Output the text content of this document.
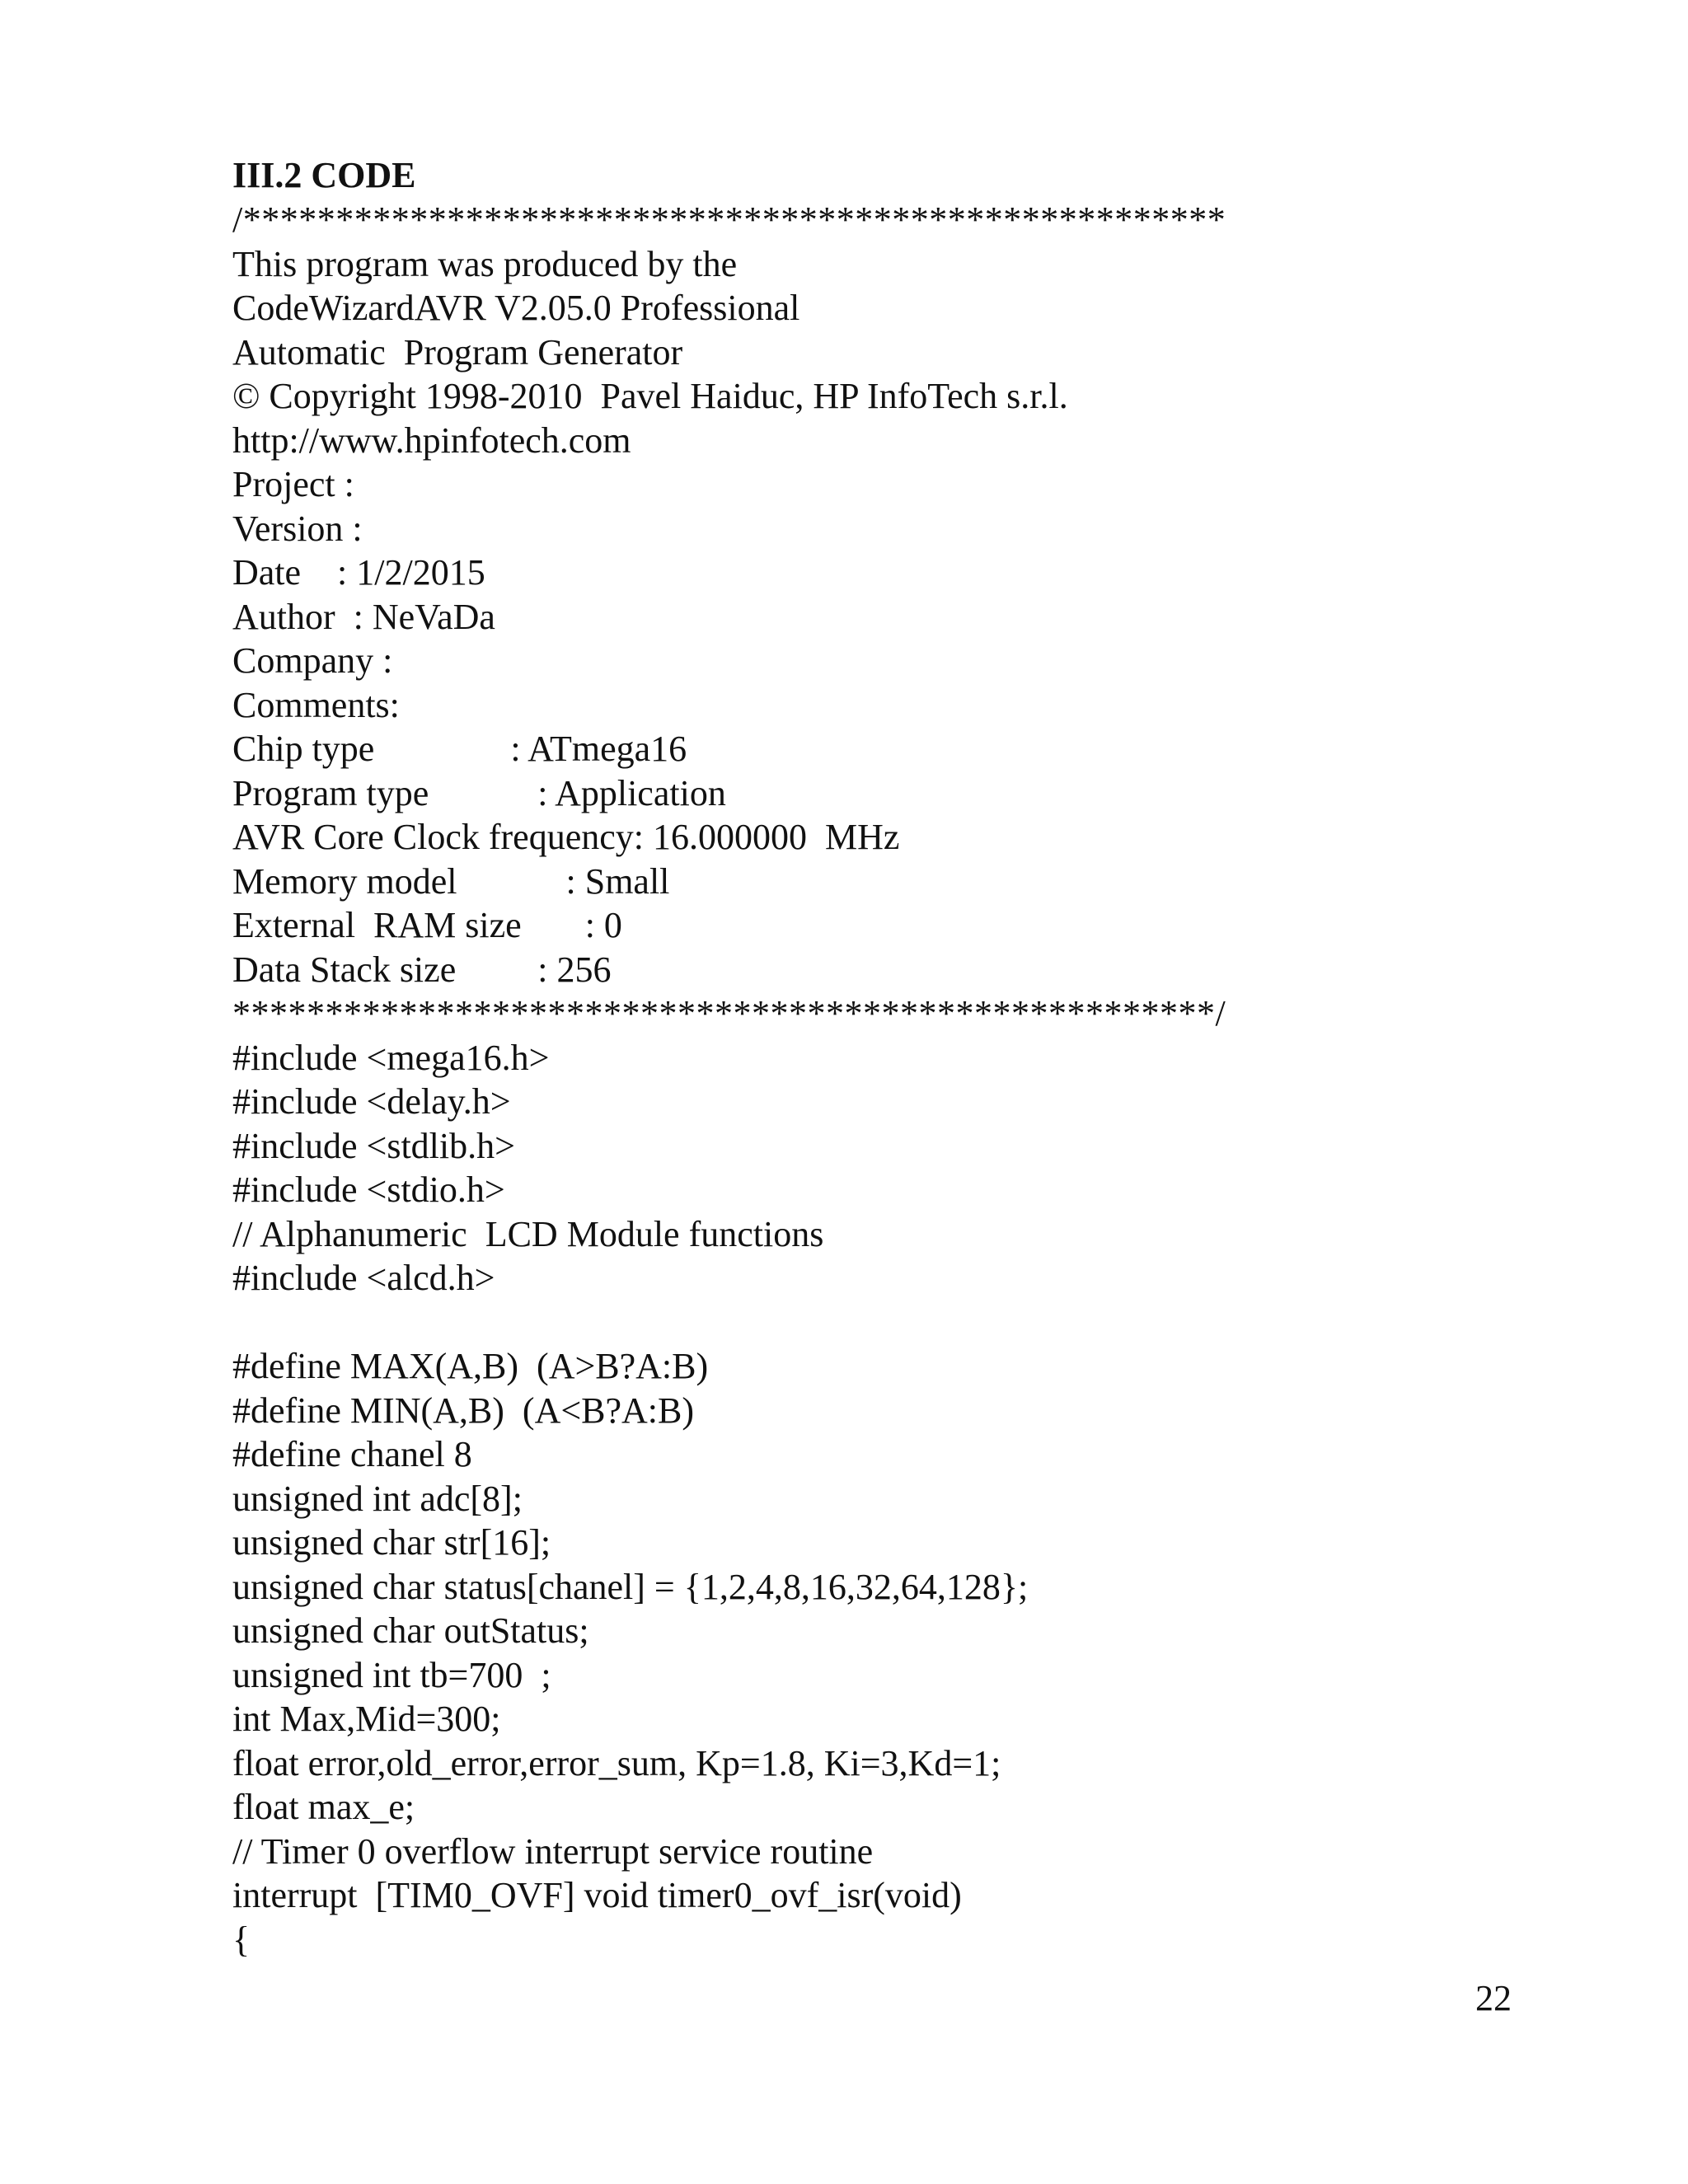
III.2 CODE
/*****************************************************
This program was produced by the
CodeWizardAVR V2.05.0 Professional
Automatic  Program Generator
© Copyright 1998-2010  Pavel Haiduc, HP InfoTech s.r.l.
http://www.hpinfotech.com
Project :
Version :
Date    : 1/2/2015
Author  : NeVaDa
Company :
Comments:
Chip type               : ATmega16
Program type            : Application
AVR Core Clock frequency: 16.000000  MHz
Memory model            : Small
External  RAM size       : 0
Data Stack size         : 256
*****************************************************/
#include <mega16.h>
#include <delay.h>
#include <stdlib.h>
#include <stdio.h>
// Alphanumeric  LCD Module functions
#include <alcd.h>
#define MAX(A,B)  (A>B?A:B)
#define MIN(A,B)  (A<B?A:B)
#define chanel 8
unsigned int adc[8];
unsigned char str[16];
unsigned char status[chanel] = {1,2,4,8,16,32,64,128};
unsigned char outStatus;
unsigned int tb=700  ;
int Max,Mid=300;
float error,old_error,error_sum, Kp=1.8, Ki=3,Kd=1;
float max_e;
// Timer 0 overflow interrupt service routine
interrupt  [TIM0_OVF] void timer0_ovf_isr(void)
{
22
